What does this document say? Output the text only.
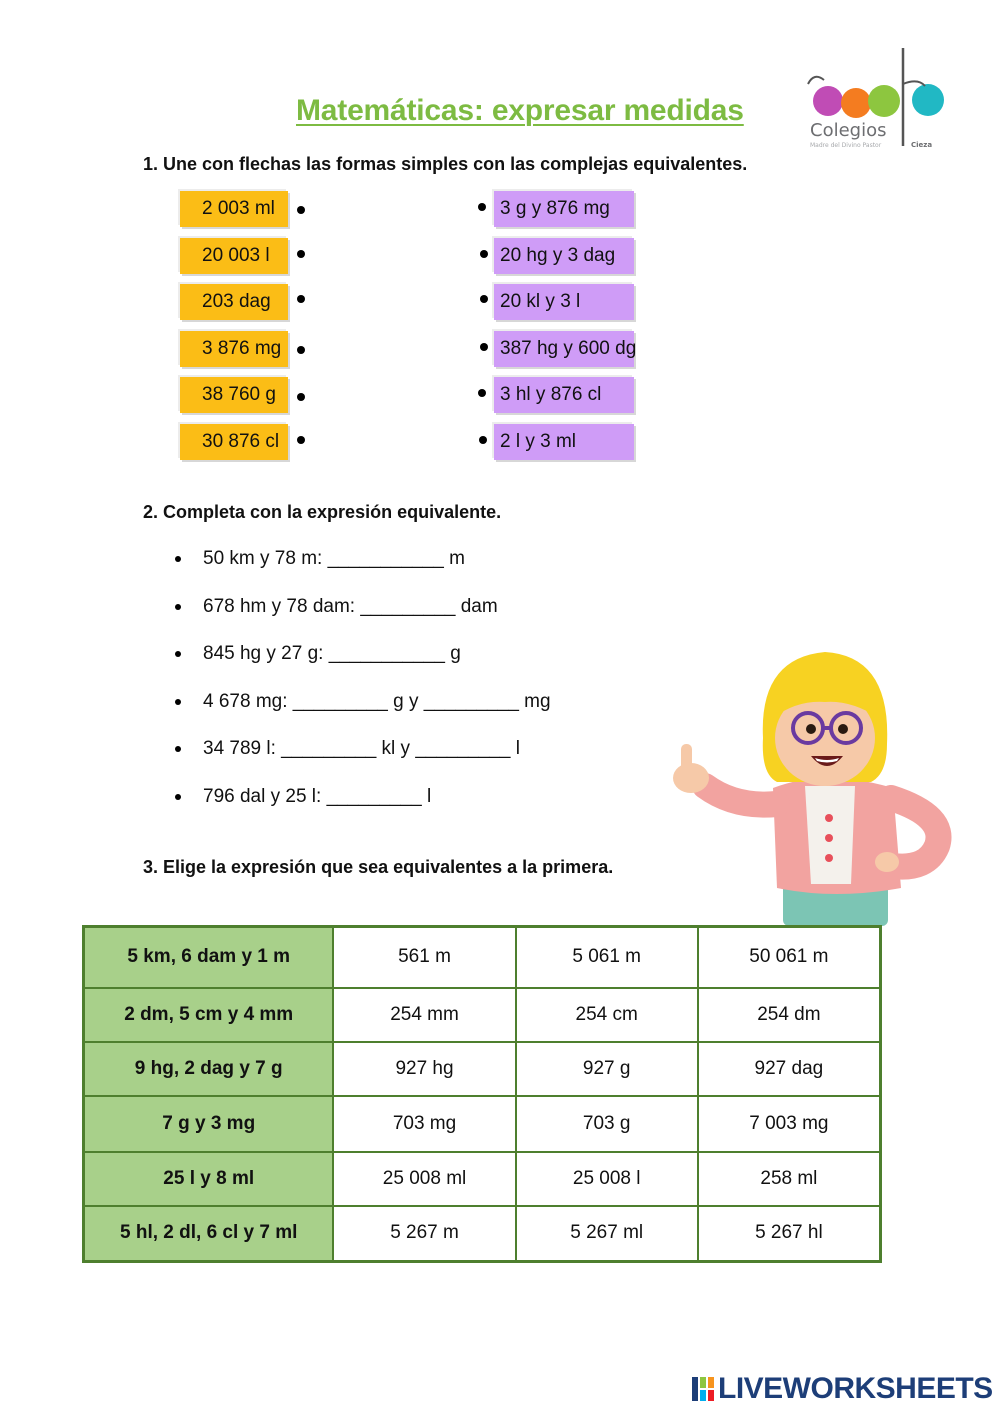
Matemáticas: expresar medidas
Colegios
Madre del Divino Pastor	Cieza

1. Une con flechas las formas simples con las complejas equivalentes.

2 003 ml
20 003 l
203 dag
3 876 mg
38 760 g
30 876 cl
3 g y 876 mg
20 hg y 3 dag
20 kl y 3 l
387 hg y 600 dg
3 hl y 876 cl
2 l y 3 ml

2. Completa con la expresión equivalente.

50 km y 78 m: ___________ m
678 hm y 78 dam: _________ dam
845 hg y 27 g: ___________ g
4 678 mg: _________ g y _________ mg
34 789 l: _________ kl y _________ l
796 dal y 25 l: _________ l

3. Elige la expresión que sea equivalentes a la primera.

5 km, 6 dam y 1 m	561 m	5 061 m	50 061 m
2 dm, 5 cm y 4 mm	254 mm	254 cm	254 dm
9 hg, 2 dag y 7 g	927 hg	927 g	927 dag
7 g y 3 mg	703 mg	703 g	7 003 mg
25 l y 8 ml	25 008 ml	25 008 l	258 ml
5 hl, 2 dl, 6 cl y 7 ml	5 267 m	5 267 ml	5 267 hl
LIVEWORKSHEETS
